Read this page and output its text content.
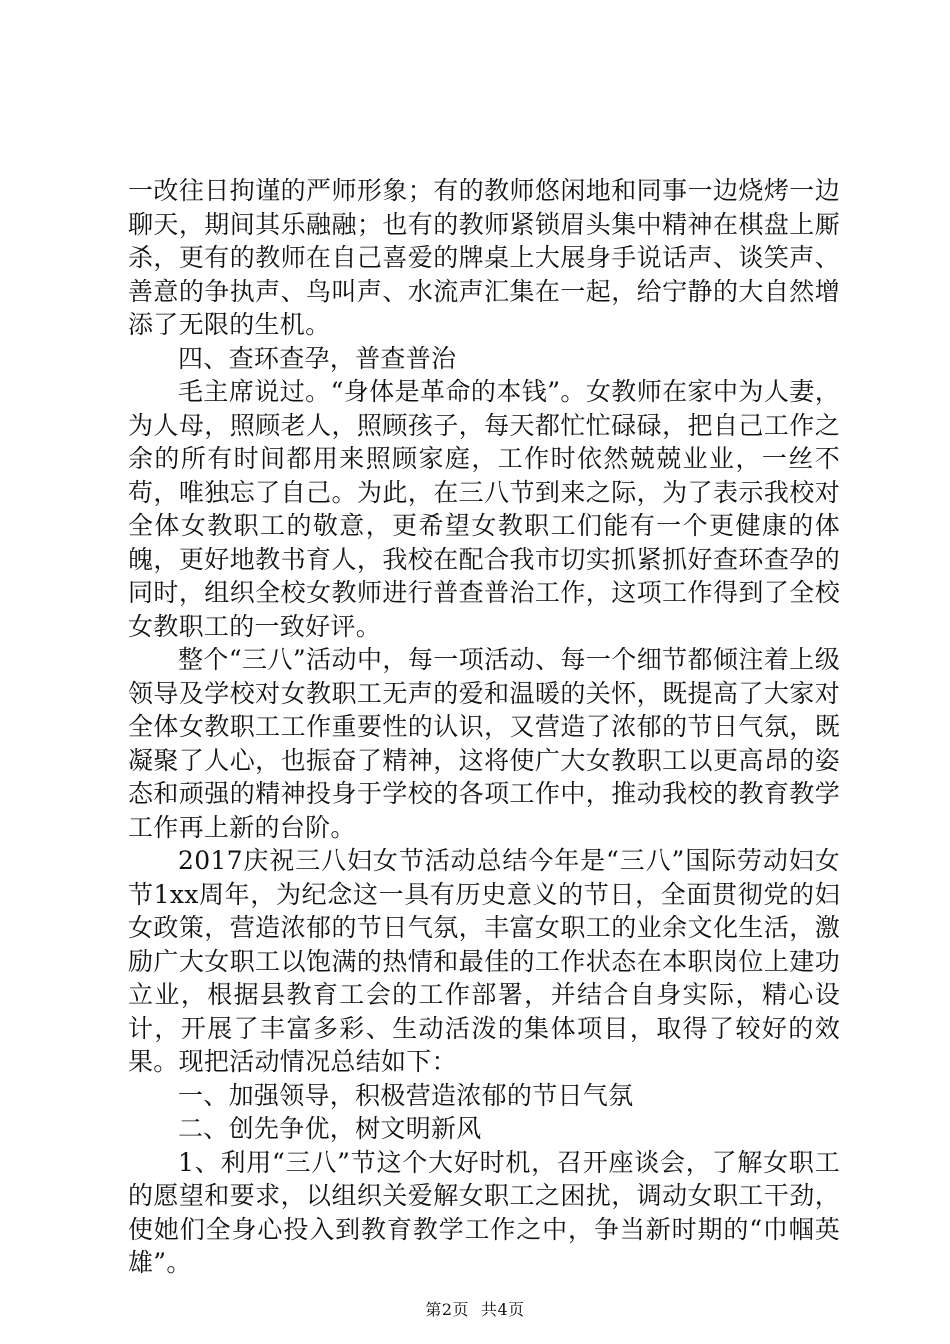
一改往日拘谨的严师形象；有的教师悠闲地和同事一边烧烤一边聊天，期间其乐融融；也有的教师紧锁眉头集中精神在棋盘上厮杀，更有的教师在自己喜爱的牌桌上大展身手说话声、谈笑声、善意的争执声、鸟叫声、水流声汇集在一起，给宁静的大自然增添了无限的生机。

四、查环查孕，普查普治

毛主席说过。“身体是革命的本钱”。女教师在家中为人妻，为人母，照顾老人，照顾孩子，每天都忙忙碌碌，把自己工作之余的所有时间都用来照顾家庭，工作时依然兢兢业业，一丝不苟，唯独忘了自己。为此，在三八节到来之际，为了表示我校对全体女教职工的敬意，更希望女教职工们能有一个更健康的体魄，更好地教书育人，我校在配合我市切实抓紧抓好查环查孕的同时，组织全校女教师进行普查普治工作，这项工作得到了全校女教职工的一致好评。

整个“三八”活动中，每一项活动、每一个细节都倾注着上级领导及学校对女教职工无声的爱和温暖的关怀，既提高了大家对全体女教职工工作重要性的认识，又营造了浓郁的节日气氛，既凝聚了人心，也振奋了精神，这将使广大女教职工以更高昂的姿态和顽强的精神投身于学校的各项工作中，推动我校的教育教学工作再上新的台阶。

2017庆祝三八妇女节活动总结今年是“三八”国际劳动妇女节1xx周年，为纪念这一具有历史意义的节日，全面贯彻党的妇女政策，营造浓郁的节日气氛，丰富女职工的业余文化生活，激励广大女职工以饱满的热情和最佳的工作状态在本职岗位上建功立业，根据县教育工会的工作部署，并结合自身实际，精心设计，开展了丰富多彩、生动活泼的集体项目，取得了较好的效果。现把活动情况总结如下：

一、加强领导，积极营造浓郁的节日气氛

二、创先争优，树文明新风

1、利用“三八”节这个大好时机，召开座谈会，了解女职工的愿望和要求，以组织关爱解女职工之困扰，调动女职工干劲，使她们全身心投入到教育教学工作之中，争当新时期的“巾帼英雄”。

第2页 共4页
